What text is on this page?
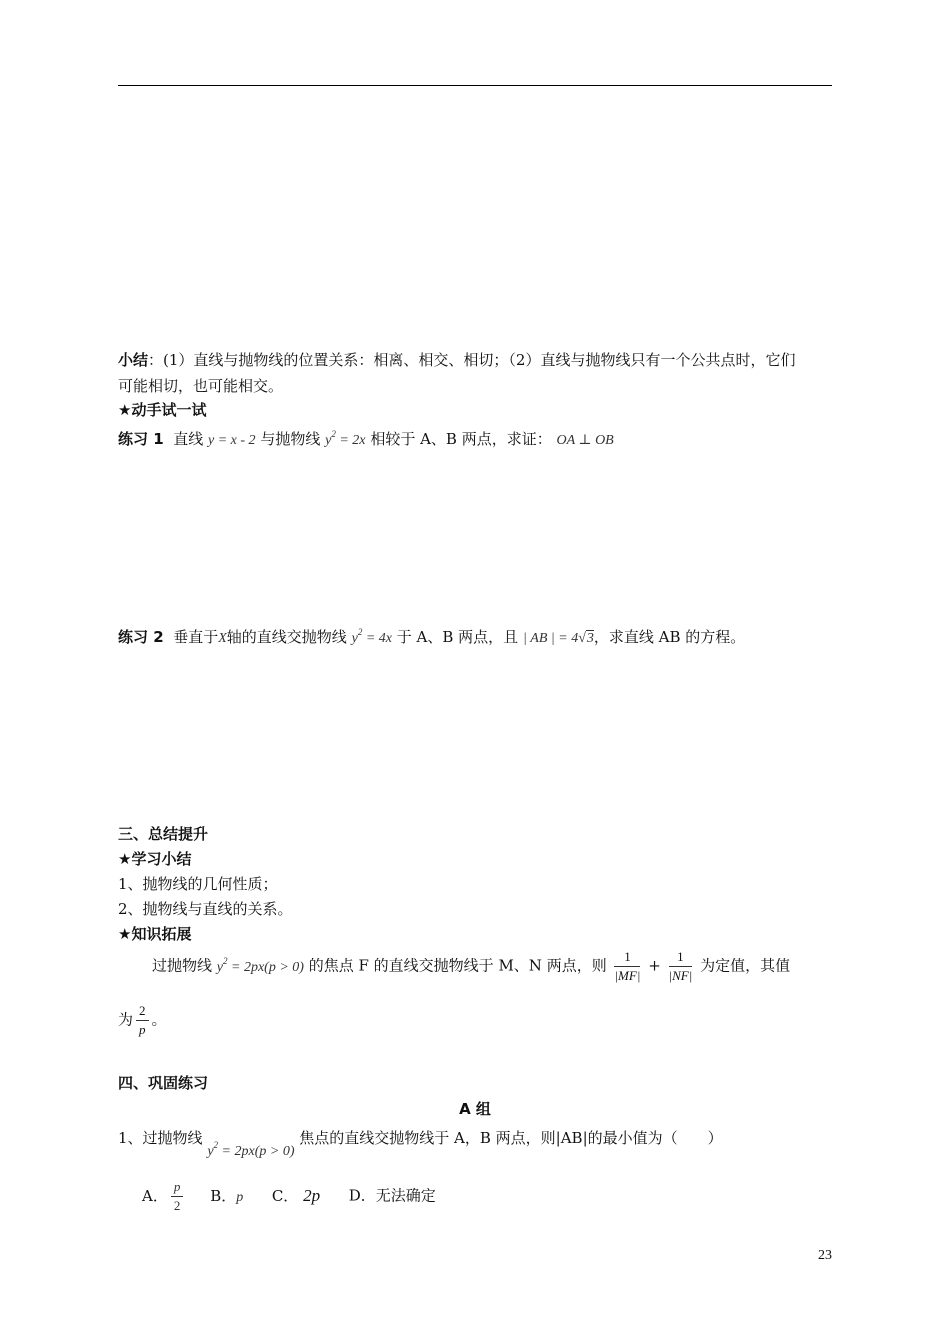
小结：(1）直线与抛物线的位置关系：相离、相交、相切；（2）直线与抛物线只有一个公共点时，它们
可能相切，也可能相交。
★动手试一试
练习 1 直线 y = x - 2 与抛物线 $y^2 = 2x$ 相较于 A、B 两点，求证： OA ⊥ OB
练习 2 垂直于X轴的直线交抛物线 $y^2 = 4x$ 于 A、B 两点，且 | AB | = 4√3，求直线 AB 的方程。
三、总结提升
★学习小结
1、抛物线的几何性质；
2、抛物线与直线的关系。
★知识拓展
过抛物线 $y^2 = 2px(p > 0)$ 的焦点 F 的直线交抛物线于 M、N 两点，则 $\frac{1}{|MF|} + \frac{1}{|NF|}$ 为定值，其值
为 $\frac{2}{p}$ 。
四、巩固练习
A 组
1、过抛物线 $y^2 = 2px(p > 0)$ 焦点的直线交抛物线于 A，B 两点，则|AB|的最小值为（　　）
A． $\frac{p}{2}$ B．p C． 2p D．无法确定
23
